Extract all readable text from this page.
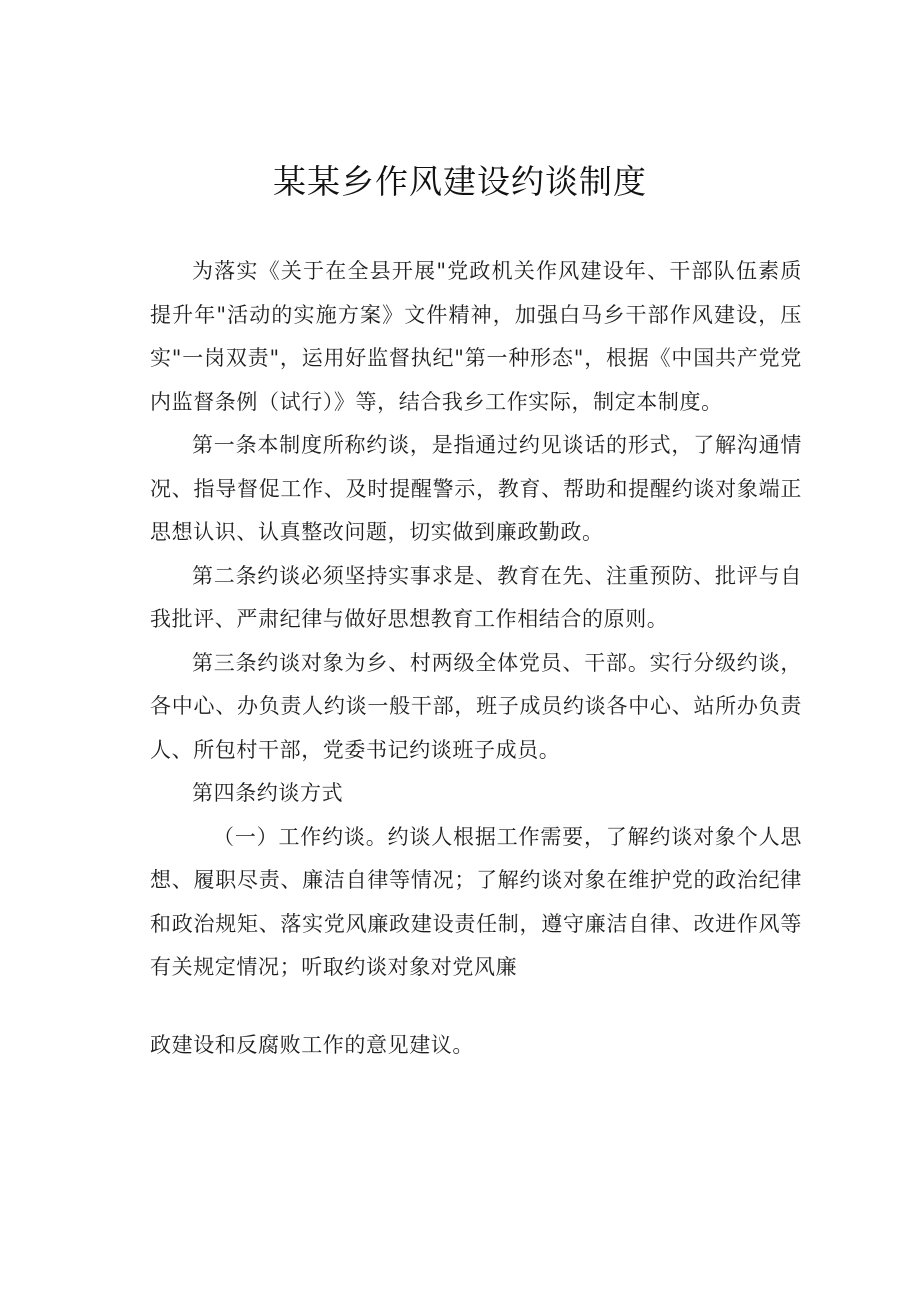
某某乡作风建设约谈制度

为落实《关于在全县开展"党政机关作风建设年、干部队伍素质提升年"活动的实施方案》文件精神，加强白马乡干部作风建设，压实"一岗双责"，运用好监督执纪"第一种形态"，根据《中国共产党党内监督条例（试行）》等，结合我乡工作实际，制定本制度。

第一条本制度所称约谈，是指通过约见谈话的形式，了解沟通情况、指导督促工作、及时提醒警示，教育、帮助和提醒约谈对象端正思想认识、认真整改问题，切实做到廉政勤政。

第二条约谈必须坚持实事求是、教育在先、注重预防、批评与自我批评、严肃纪律与做好思想教育工作相结合的原则。

第三条约谈对象为乡、村两级全体党员、干部。实行分级约谈，各中心、办负责人约谈一般干部，班子成员约谈各中心、站所办负责人、所包村干部，党委书记约谈班子成员。

第四条约谈方式

（一）工作约谈。约谈人根据工作需要，了解约谈对象个人思想、履职尽责、廉洁自律等情况；了解约谈对象在维护党的政治纪律和政治规矩、落实党风廉政建设责任制，遵守廉洁自律、改进作风等有关规定情况；听取约谈对象对党风廉

政建设和反腐败工作的意见建议。
